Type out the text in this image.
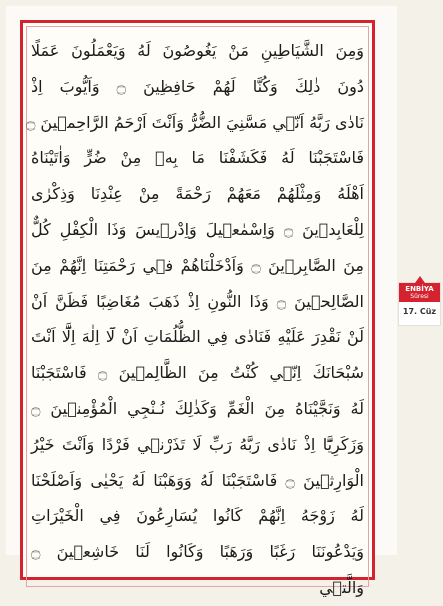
وَمِنَ الشَّيَاطِينِ مَنْ يَغُوصُونَ لَهُ وَيَعْمَلُونَ عَمَلًا
دُونَ ذٰلِكَ وَكُنَّا لَهُمْ حَافِظِينَ ۝ وَاَيُّوبَ اِذْ
نَادٰى رَبَّهُ اَنّ۪ي مَسَّنِيَ الضُّرُّ وَاَنْتَ اَرْحَمُ الرَّاحِم۪ينَ ۝
فَاسْتَجَبْنَا لَهُ فَكَشَفْنَا مَا بِه۪ مِنْ ضُرٍّ وَاٰتَيْنَاهُ
اَهْلَهُ وَمِثْلَهُمْ مَعَهُمْ رَحْمَةً مِنْ عِنْدِنَا وَذِكْرٰى
لِلْعَابِد۪ينَ ۝ وَاِسْمٰع۪يلَ وَاِدْر۪يسَ وَذَا الْكِفْلِ كُلٌّ
مِنَ الصَّابِر۪ينَ ۝ وَاَدْخَلْنَاهُمْ ف۪ي رَحْمَتِنَا اِنَّهُمْ مِنَ
الصَّالِح۪ينَ ۝ وَذَا النُّونِ اِذْ ذَهَبَ مُغَاضِبًا فَظَنَّ اَنْ
لَنْ نَقْدِرَ عَلَيْهِ فَنَادٰى فِي الظُّلُمَاتِ اَنْ لَٓا اِلٰهَ اِلَّٓا اَنْتَ
سُبْحَانَكَ اِنّ۪ي كُنْتُ مِنَ الظَّالِم۪ينَ ۝ فَاسْتَجَبْنَا
لَهُ وَنَجَّيْنَاهُ مِنَ الْغَمِّ وَكَذٰلِكَ نُـنْجِي الْمُؤْمِن۪ينَ ۝
وَزَكَرِيَّٓا اِذْ نَادٰى رَبَّهُ رَبِّ لَا تَذَرْن۪ي فَرْدًا وَاَنْتَ خَيْرُ
الْوَارِث۪ينَ ۝ فَاسْتَجَبْنَا لَهُ وَوَهَبْنَا لَهُ يَحْيٰى وَاَصْلَحْنَا
لَهُ زَوْجَهُ اِنَّهُمْ كَانُوا يُسَارِعُونَ فِي الْخَيْرَاتِ
وَيَدْعُونَنَا رَغَبًا وَرَهَبًا وَكَانُوا لَنَا خَاشِع۪ينَ ۝
وَالَّت۪ي
ENBİYA
Sûresi
17. Cüz
